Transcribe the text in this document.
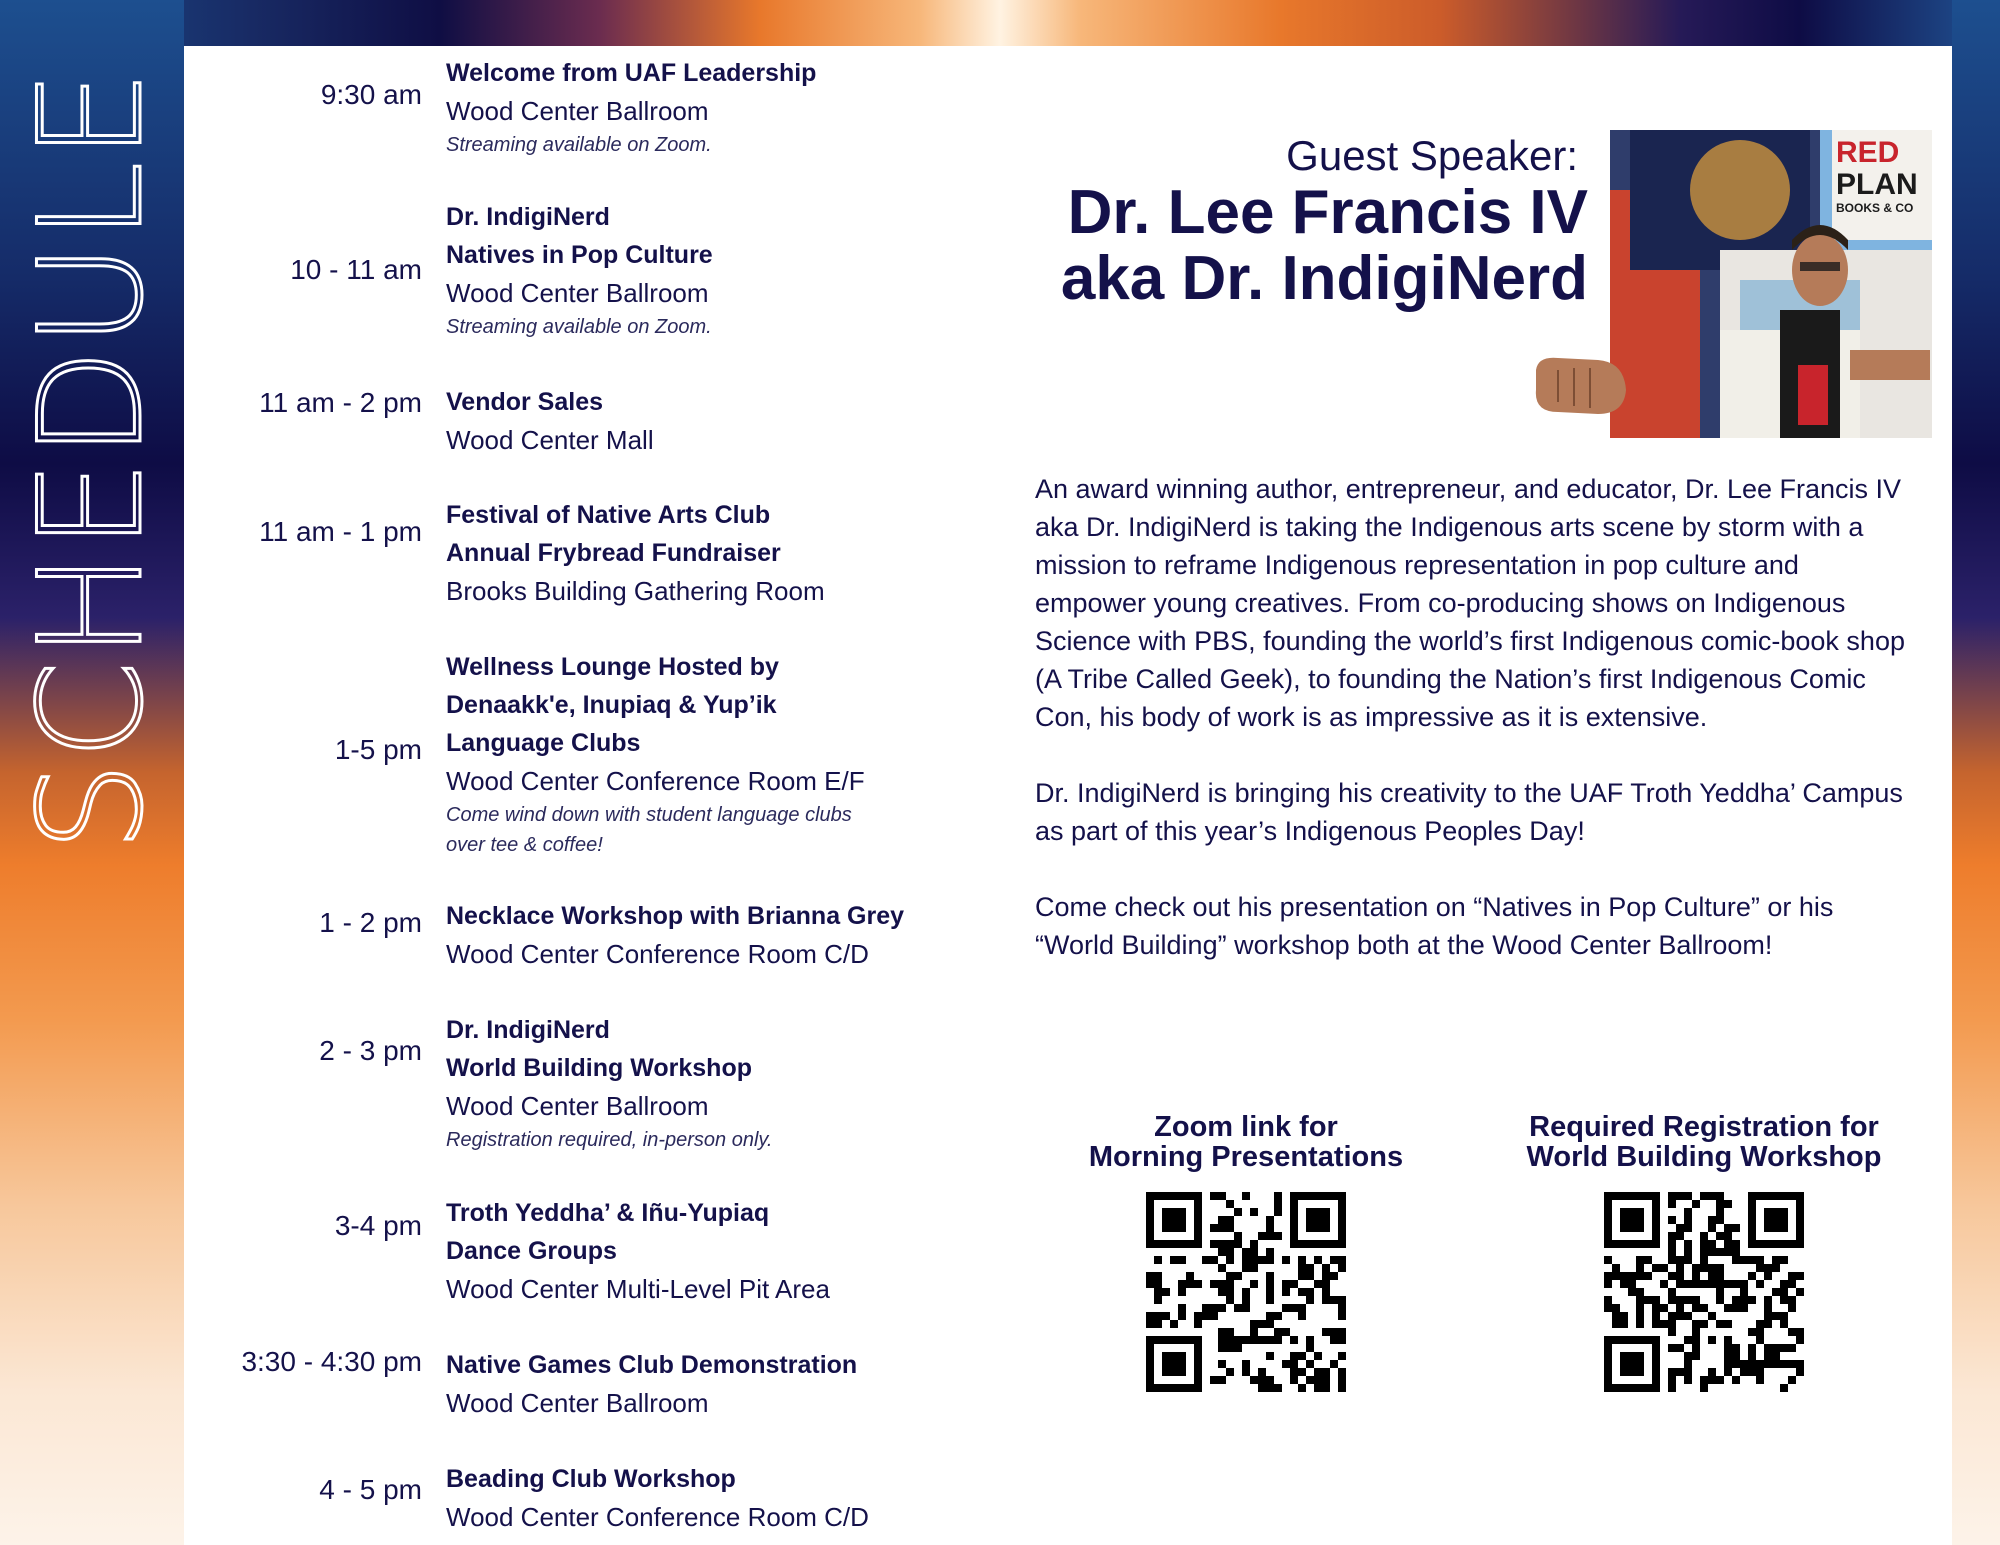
SCHEDULE	9:30 am
Welcome from UAF Leadership
Wood Center Ballroom
Streaming available on Zoom.
10 - 11 am
Dr. IndigiNerd
Natives in Pop Culture
Wood Center Ballroom
Streaming available on Zoom.
11 am - 2 pm Vendor Sales
Wood Center Mall
11 am - 1 pm
Festival of Native Arts Club
Annual Frybread Fundraiser
Brooks Building Gathering Room
1-5 pm
Wellness Lounge Hosted by
Denaakk'e, Inupiaq & Yup’ik
Language Clubs
Wood Center Conference Room E/F
Come wind down with student language clubs
over tee & coffee!
1 - 2 pm Necklace Workshop with Brianna Grey
Wood Center Conference Room C/D
2 - 3 pm
Dr. IndigiNerd
World Building Workshop
Wood Center Ballroom
Registration required, in-person only.
3-4 pm Troth Yeddha’ & Iñu-Yupiaq
Dance Groups
Wood Center Multi-Level Pit Area
3:30 - 4:30 pm Native Games Club Demonstration
Wood Center Ballroom
4 - 5 pm Beading Club Workshop
Wood Center Conference Room C/D
Guest Speaker:
Dr. Lee Francis IV
aka Dr. IndigiNerd
RED
PLAN
BOOKS & CO

An award winning author, entrepreneur, and educator, Dr. Lee Francis IV aka Dr. IndigiNerd is taking the Indigenous arts scene by storm with a mission to reframe Indigenous representation in pop culture and empower young creatives. From co-producing shows on Indigenous Science with PBS, founding the world’s first Indigenous comic-book shop (A Tribe Called Geek), to founding the Nation’s first Indigenous Comic Con, his body of work is as impressive as it is extensive.

Dr. IndigiNerd is bringing his creativity to the UAF Troth Yeddha’ Campus as part of this year’s Indigenous Peoples Day!

Come check out his presentation on “Natives in Pop Culture” or his “World Building” workshop both at the Wood Center Ballroom!

Zoom link for
Morning Presentations
Required Registration for
World Building Workshop
